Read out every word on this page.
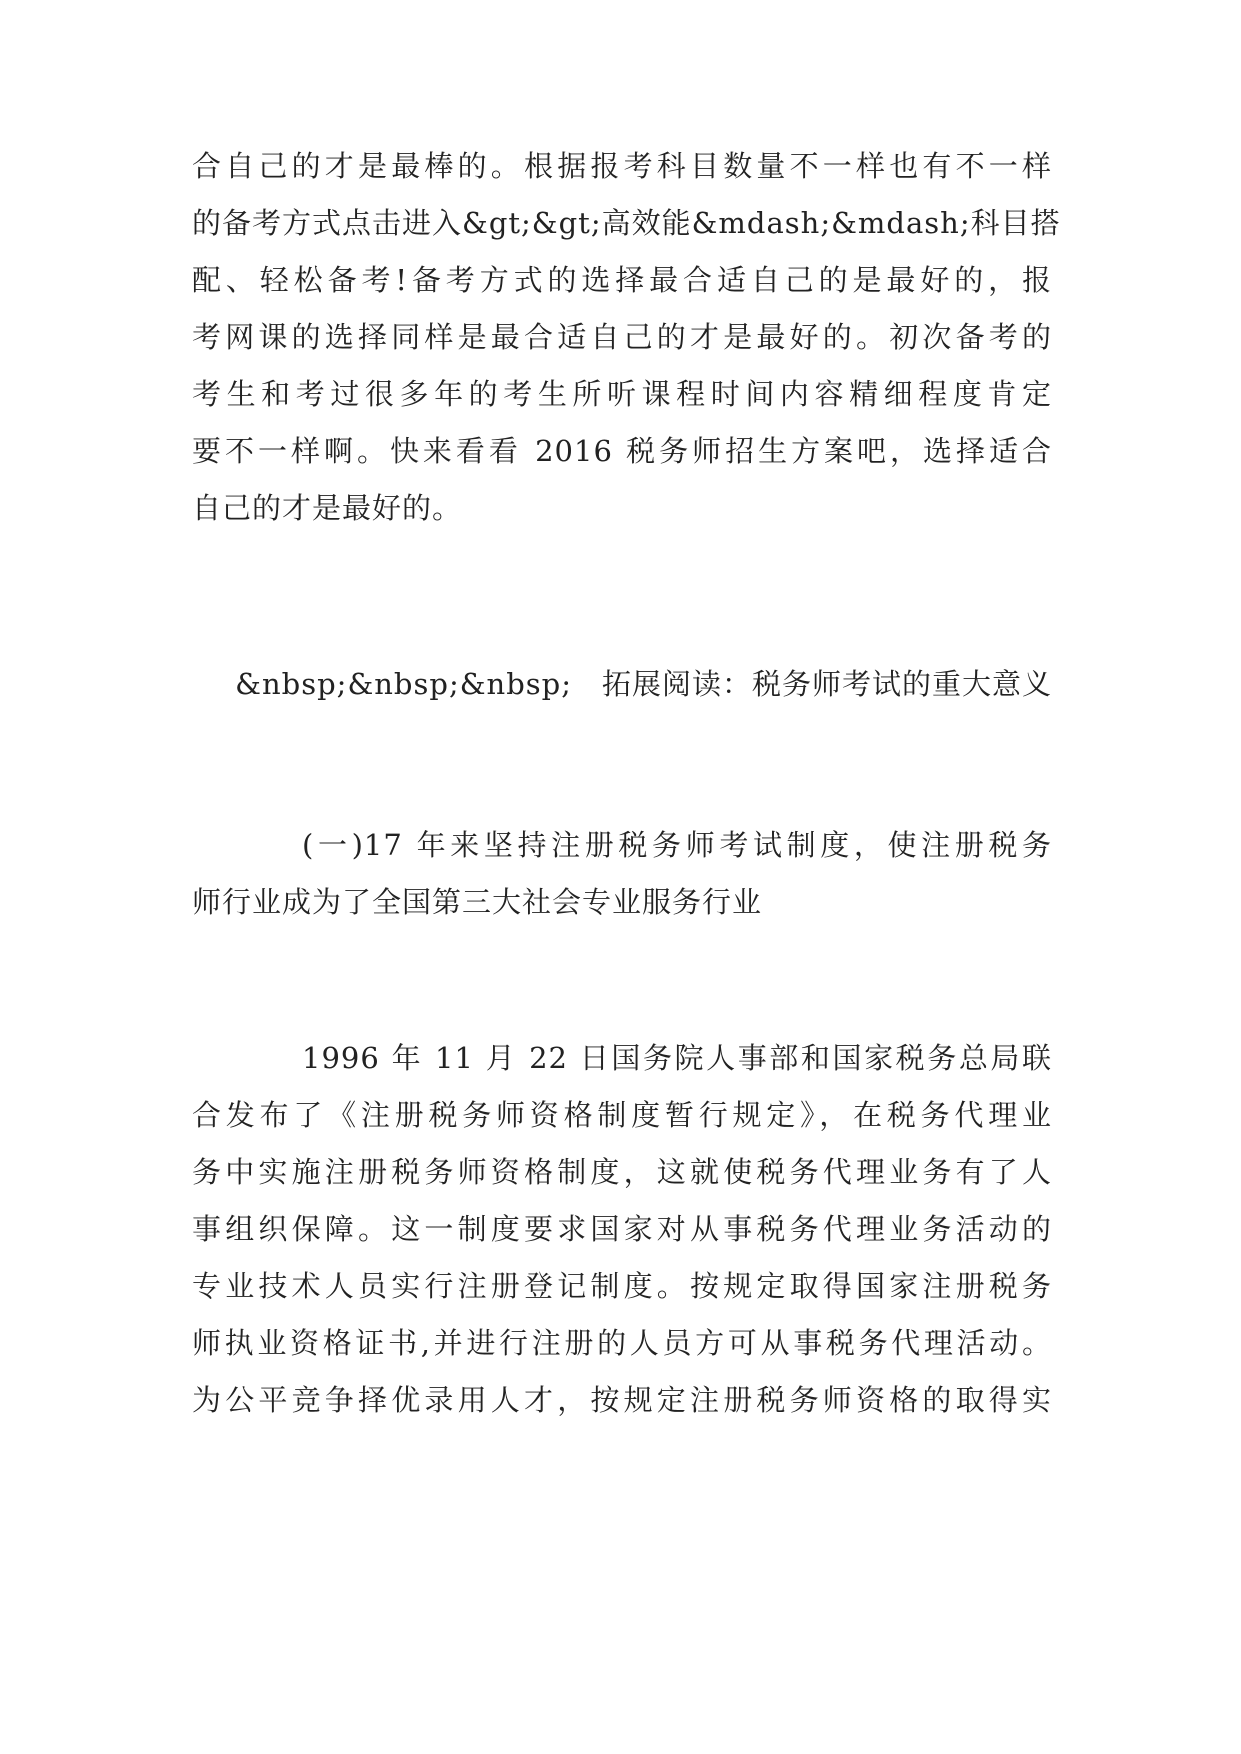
合自己的才是最棒的。根据报考科目数量不一样也有不一样
的备考方式点击进入&gt;&gt;高效能&mdash;&mdash;科目搭
配、轻松备考!备考方式的选择最合适自己的是最好的，报
考网课的选择同样是最合适自己的才是最好的。初次备考的
考生和考过很多年的考生所听课程时间内容精细程度肯定
要不一样啊。快来看看 2016 税务师招生方案吧，选择适合
自己的才是最好的。
&nbsp;&nbsp;&nbsp;　拓展阅读：税务师考试的重大意义
(一)17 年来坚持注册税务师考试制度，使注册税务
师行业成为了全国第三大社会专业服务行业
1996 年 11 月 22 日国务院人事部和国家税务总局联
合发布了《注册税务师资格制度暂行规定》，在税务代理业
务中实施注册税务师资格制度，这就使税务代理业务有了人
事组织保障。这一制度要求国家对从事税务代理业务活动的
专业技术人员实行注册登记制度。按规定取得国家注册税务
师执业资格证书,并进行注册的人员方可从事税务代理活动。
为公平竞争择优录用人才，按规定注册税务师资格的取得实
